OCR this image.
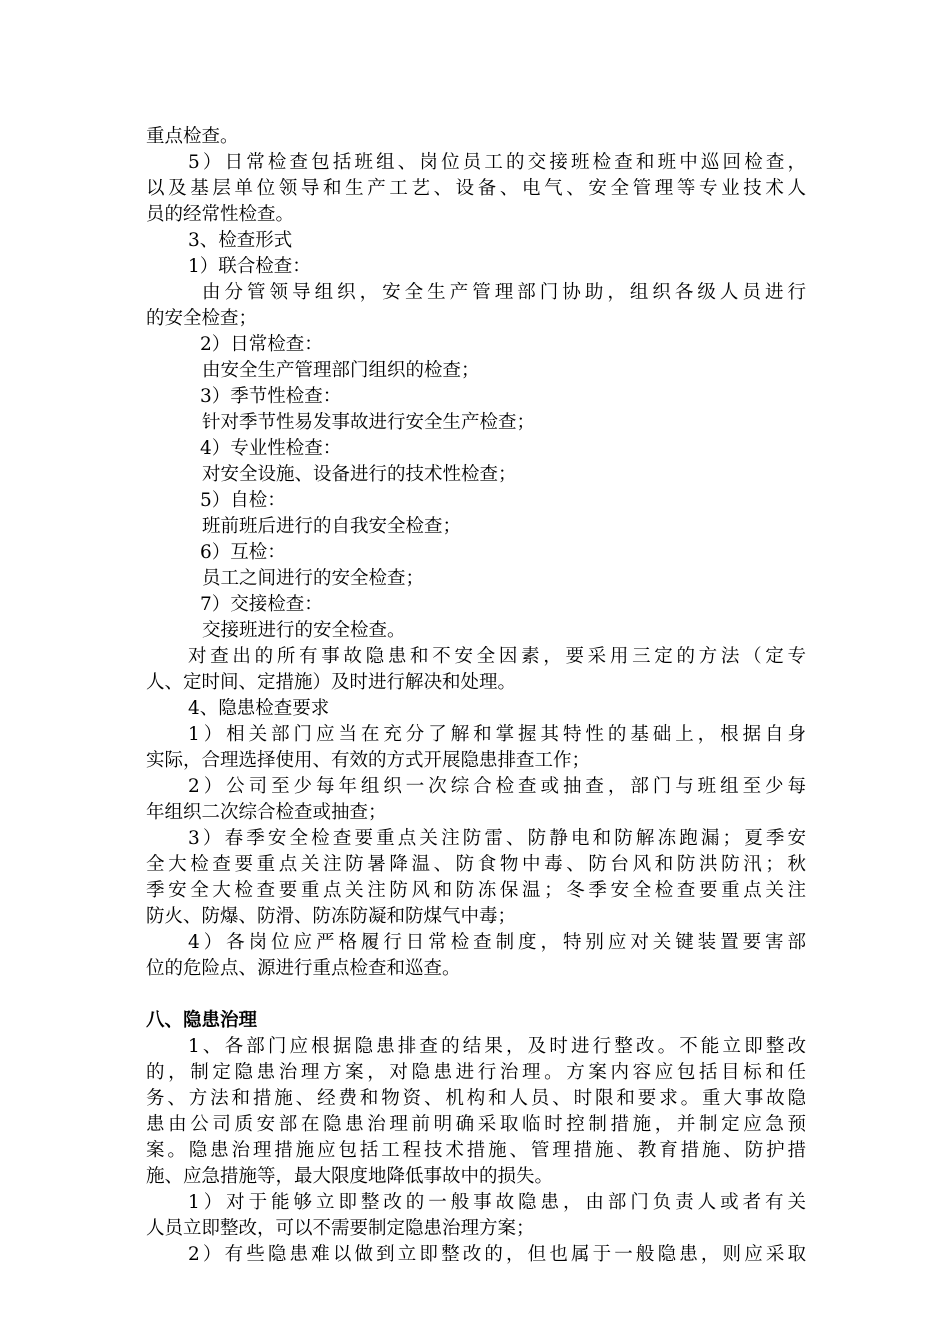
重点检查。
5）日常检查包括班组、岗位员工的交接班检查和班中巡回检查，
以及基层单位领导和生产工艺、设备、电气、安全管理等专业技术人
员的经常性检查。
3、检查形式
1）联合检查：
由分管领导组织，安全生产管理部门协助，组织各级人员进行
的安全检查；
2）日常检查：
由安全生产管理部门组织的检查；
3）季节性检查：
针对季节性易发事故进行安全生产检查；
4）专业性检查：
对安全设施、设备进行的技术性检查；
5）自检：
班前班后进行的自我安全检查；
6）互检：
员工之间进行的安全检查；
7）交接检查：
交接班进行的安全检查。
对查出的所有事故隐患和不安全因素，要采用三定的方法（定专
人、定时间、定措施）及时进行解决和处理。
4、隐患检查要求
1）相关部门应当在充分了解和掌握其特性的基础上，根据自身
实际，合理选择使用、有效的方式开展隐患排查工作；
2）公司至少每年组织一次综合检查或抽查，部门与班组至少每
年组织二次综合检查或抽查；
3）春季安全检查要重点关注防雷、防静电和防解冻跑漏；夏季安
全大检查要重点关注防暑降温、防食物中毒、防台风和防洪防汛；秋
季安全大检查要重点关注防风和防冻保温；冬季安全检查要重点关注
防火、防爆、防滑、防冻防凝和防煤气中毒；
4）各岗位应严格履行日常检查制度，特别应对关键装置要害部
位的危险点、源进行重点检查和巡查。
八、隐患治理
1、各部门应根据隐患排查的结果，及时进行整改。不能立即整改
的，制定隐患治理方案，对隐患进行治理。方案内容应包括目标和任
务、方法和措施、经费和物资、机构和人员、时限和要求。重大事故隐
患由公司质安部在隐患治理前明确采取临时控制措施，并制定应急预
案。隐患治理措施应包括工程技术措施、管理措施、教育措施、防护措
施、应急措施等，最大限度地降低事故中的损失。
1）对于能够立即整改的一般事故隐患，由部门负责人或者有关
人员立即整改，可以不需要制定隐患治理方案；
2）有些隐患难以做到立即整改的，但也属于一般隐患，则应采取
